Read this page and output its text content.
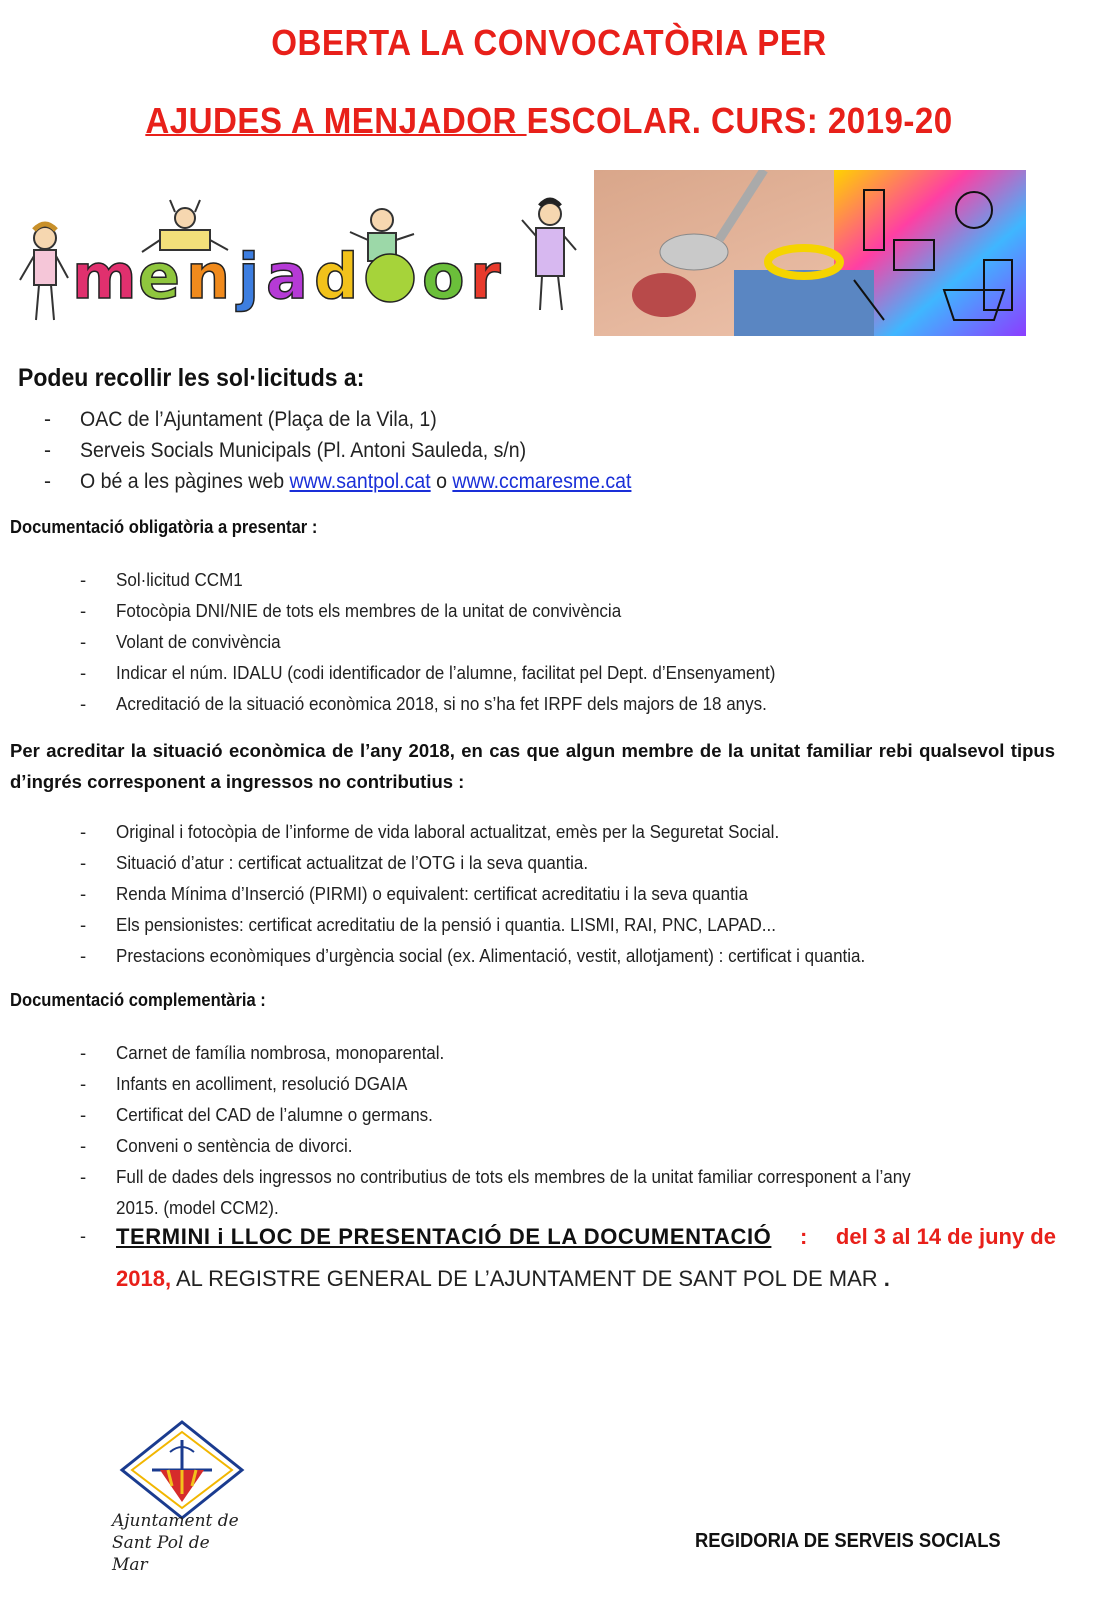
OBERTA LA CONVOCATÒRIA PER
AJUDES A MENJADOR ESCOLAR. CURS: 2019-20
m e n j a d o r
Podeu recollir les sol·licituds a:
- OAC de l’Ajuntament (Plaça de la Vila, 1)
- Serveis Socials Municipals (Pl. Antoni Sauleda, s/n)
- O bé a les pàgines web www.santpol.cat o www.ccmaresme.cat
Documentació obligatòria a presentar :
- Sol·licitud CCM1
- Fotocòpia DNI/NIE de tots els membres de la unitat de convivència
- Volant de convivència
- Indicar el núm. IDALU (codi identificador de l’alumne, facilitat pel Dept. d’Ensenyament)
- Acreditació de la situació econòmica 2018, si no s’ha fet IRPF dels majors de 18 anys.
Per acreditar la situació econòmica de l’any 2018, en cas que algun membre de la unitat familiar rebi qualsevol tipus d’ingrés corresponent a ingressos no contributius :
- Original i fotocòpia de l’informe de vida laboral actualitzat, emès per la Seguretat Social.
- Situació d’atur : certificat actualitzat de l’OTG i la seva quantia.
- Renda Mínima d’Inserció (PIRMI) o equivalent: certificat acreditatiu i la seva quantia
- Els pensionistes: certificat acreditatiu de la pensió i quantia. LISMI, RAI, PNC, LAPAD...
- Prestacions econòmiques d’urgència social (ex. Alimentació, vestit, allotjament) : certificat i quantia.
Documentació complementària :
- Carnet de família nombrosa, monoparental.
- Infants en acolliment, resolució DGAIA
- Certificat del CAD de l’alumne o germans.
- Conveni o sentència de divorci.
- Full de dades dels ingressos no contributius de tots els membres de la unitat familiar corresponent a l’any
2015. (model CCM2).
- TERMINI i LLOC DE PRESENTACIÓ DE LA DOCUMENTACIÓ : del 3 al 14 de juny de
2018, AL REGISTRE GENERAL DE L’AJUNTAMENT DE SANT POL DE MAR .
Ajuntament de
Sant Pol de Mar
REGIDORIA DE SERVEIS SOCIALS
